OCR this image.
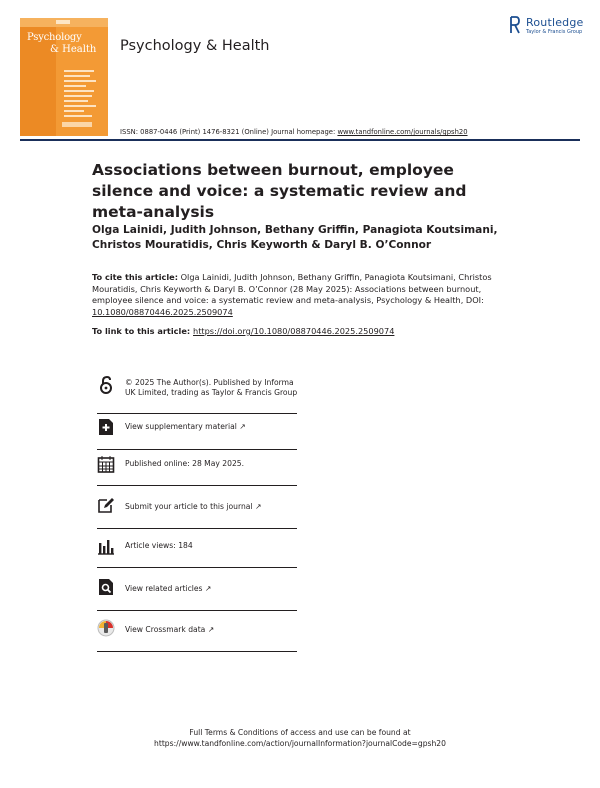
Psychology
& Health Psychology & Health
Routledge
Taylor & Francis Group
ISSN: 0887-0446 (Print) 1476-8321 (Online) Journal homepage: www.tandfonline.com/journals/gpsh20
Associations between burnout, employee silence and voice: a systematic review and meta-analysis
Olga Lainidi, Judith Johnson, Bethany Griffin, Panagiota Koutsimani, Christos Mouratidis, Chris Keyworth & Daryl B. O’Connor
To cite this article: Olga Lainidi, Judith Johnson, Bethany Griffin, Panagiota Koutsimani, Christos Mouratidis, Chris Keyworth & Daryl B. O’Connor (28 May 2025): Associations between burnout, employee silence and voice: a systematic review and meta-analysis, Psychology & Health, DOI: 10.1080/08870446.2025.2509074
To link to this article: https://doi.org/10.1080/08870446.2025.2509074
© 2025 The Author(s). Published by Informa UK Limited, trading as Taylor & Francis Group
View supplementary material ↗
Published online: 28 May 2025.
Submit your article to this journal ↗
Article views: 184
View related articles ↗
View Crossmark data ↗
Full Terms & Conditions of access and use can be found at
https://www.tandfonline.com/action/journalInformation?journalCode=gpsh20
